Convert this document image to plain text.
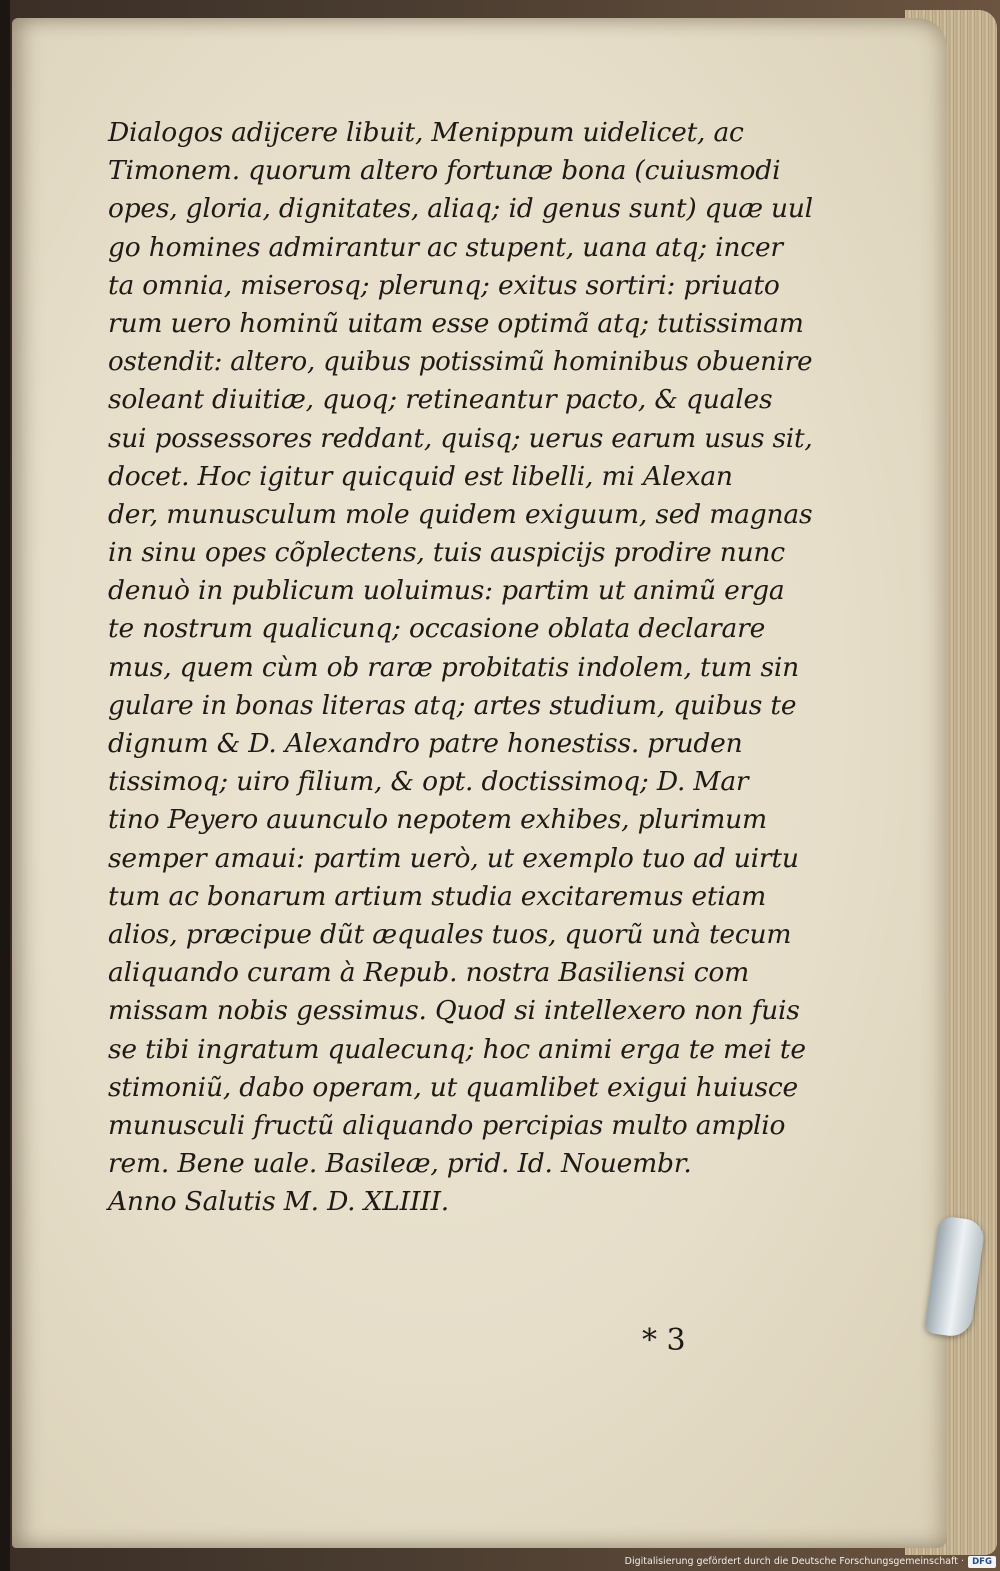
Dialogos adijcere libuit, Menippum uidelicet, ac
Timonem. quorum altero fortunæ bona (cuiusmodi
opes, gloria, dignitates, aliaq; id genus sunt) quæ uul
go homines admirantur ac stupent, uana atq; incer
ta omnia, miserosq; plerunq; exitus sortiri: priuato
rum uero hominũ uitam esse optimã atq; tutissimam
ostendit: altero, quibus potissimũ hominibus obuenire
soleant diuitiæ, quoq; retineantur pacto, & quales
sui possessores reddant, quisq; uerus earum usus sit,
docet. Hoc igitur quicquid est libelli, mi Alexan
der, munusculum mole quidem exiguum, sed magnas
in sinu opes cõplectens, tuis auspicijs prodire nunc
denuò in publicum uoluimus: partim ut animũ erga
te nostrum qualicunq; occasione oblata declarare
mus, quem cùm ob raræ probitatis indolem, tum sin
gulare in bonas literas atq; artes studium, quibus te
dignum & D. Alexandro patre honestiss. pruden
tissimoq; uiro filium, & opt. doctissimoq; D. Mar
tino Peyero auunculo nepotem exhibes, plurimum
semper amaui: partim uerò, ut exemplo tuo ad uirtu
tum ac bonarum artium studia excitaremus etiam
alios, præcipue dũt æquales tuos, quorũ unà tecum
aliquando curam à Repub. nostra Basiliensi com
missam nobis gessimus. Quod si intellexero non fuis
se tibi ingratum qualecunq; hoc animi erga te mei te
stimoniũ, dabo operam, ut quamlibet exigui huiusce
munusculi fructũ aliquando percipias multo amplio
rem. Bene uale. Basileæ, prid. Id. Nouembr.
Anno Salutis M. D. XLIIII.
* 3
Digitalisierung gefördert durch die Deutsche Forschungsgemeinschaft · DFG
